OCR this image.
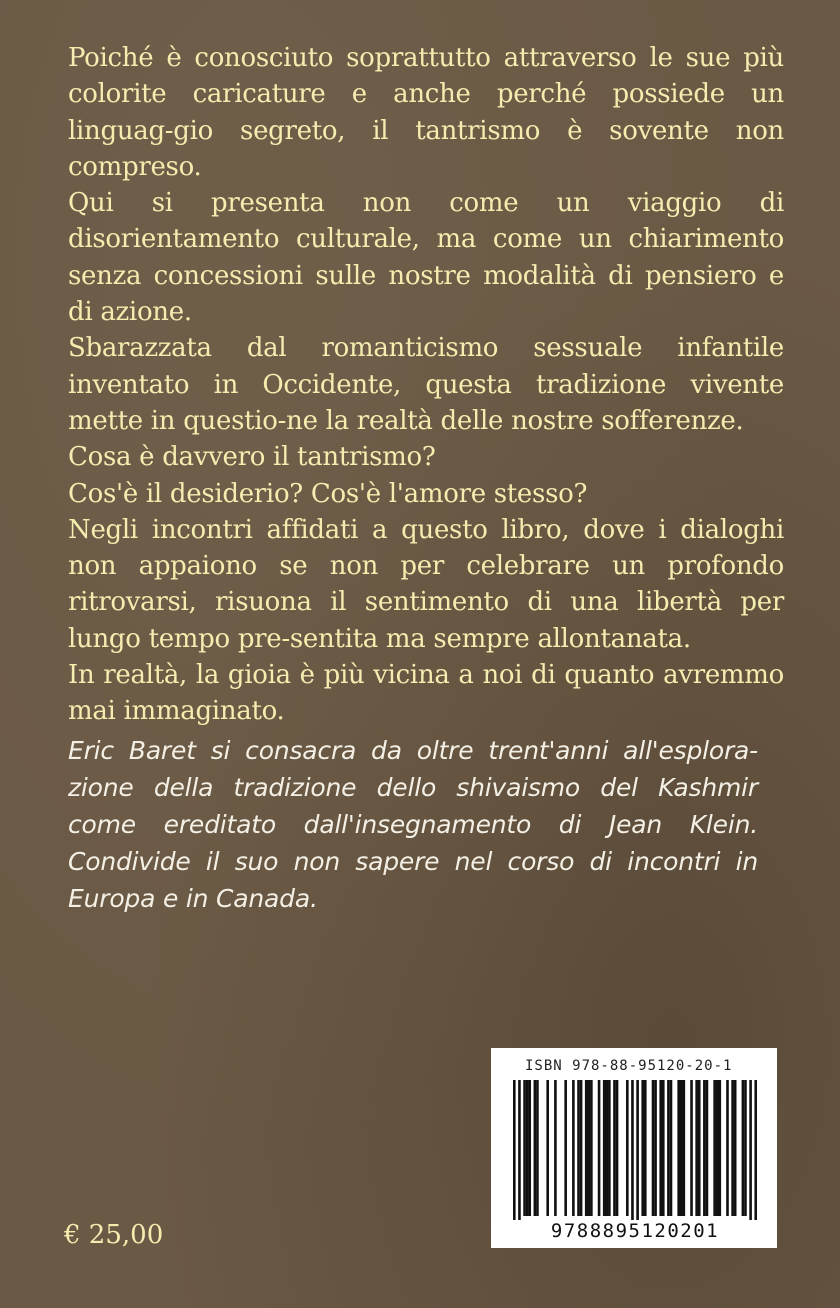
Poiché è conosciuto soprattutto attraverso le sue più colorite caricature e anche perché possiede un linguag-gio segreto, il tantrismo è sovente non compreso.
Qui si presenta non come un viaggio di disorientamento culturale, ma come un chiarimento senza concessioni sulle nostre modalità di pensiero e di azione.
Sbarazzata dal romanticismo sessuale infantile inventato in Occidente, questa tradizione vivente mette in questio-ne la realtà delle nostre sofferenze.
Cosa è davvero il tantrismo?
Cos'è il desiderio? Cos'è l'amore stesso?
Negli incontri affidati a questo libro, dove i dialoghi non appaiono se non per celebrare un profondo ritrovarsi, risuona il sentimento di una libertà per lungo tempo pre-sentita ma sempre allontanata.
In realtà, la gioia è più vicina a noi di quanto avremmo mai immaginato.
Eric Baret si consacra da oltre trent'anni all'esplora-zione della tradizione dello shivaismo del Kashmir come ereditato dall'insegnamento di Jean Klein. Condivide il suo non sapere nel corso di incontri in Europa e in Canada.
ISBN 978-88-95120-20-1
9788895120201
€ 25,00
